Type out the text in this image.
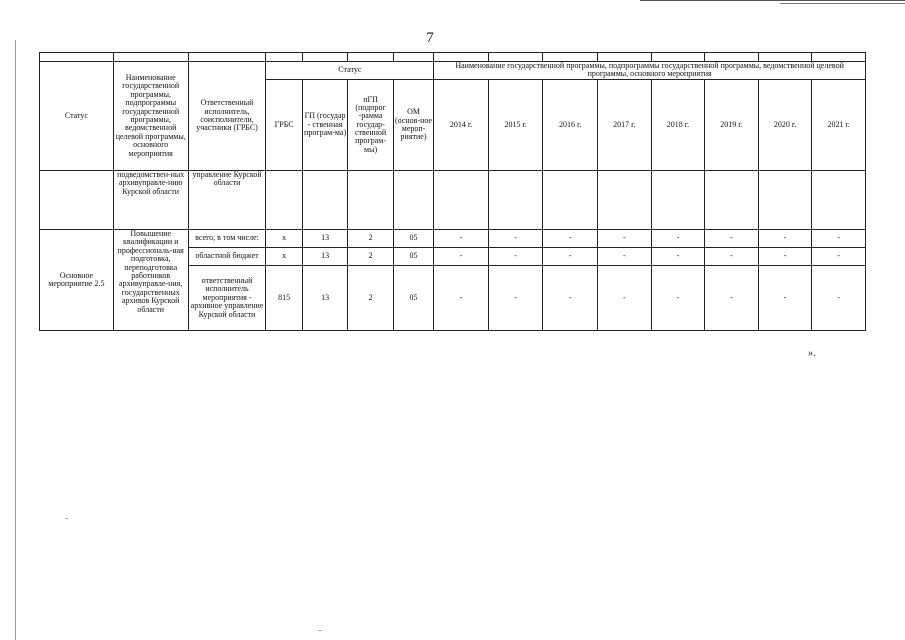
7

Статус	Наименование государственной программы, подпрограммы государственной программы, ведомственной целевой программы, основного мероприятия	Ответственный исполнитель, соисполнители, участники (ГРБС)	Статус				Наименование государственной программы, подпрограммы государственной программы, ведомственной целевой программы, основного мероприятия							
			ГРБС	ГП (государ - ственная програм-ма)	пГП (подпрог -рамма государ-ственной програм-мы)	ОМ (основ-ное мероп-риятие)	2014 г.	2015 г.	2016 г.	2017 г.	2018 г.	2019 г.	2020 г.	2021 г.
	подведомствен-ных архивуправле-нию Курской области	управление Курской области												
Основное мероприятие 2.5	Повышение квалификации и профессиональ-ная подготовка, переподготовка работников архивуправле-ния, государственных архивов Курской области	всего, в том числе:	х	13	2	05	-	-	-	-	-	-	-	-
		областной бюджет	х	13	2	05	-	-	-	-	-	-	-	-
		ответственный исполнитель мероприятия - архивное управление Курской области	815	13	2	05	-	-	-	-	-	-	-	-
».
